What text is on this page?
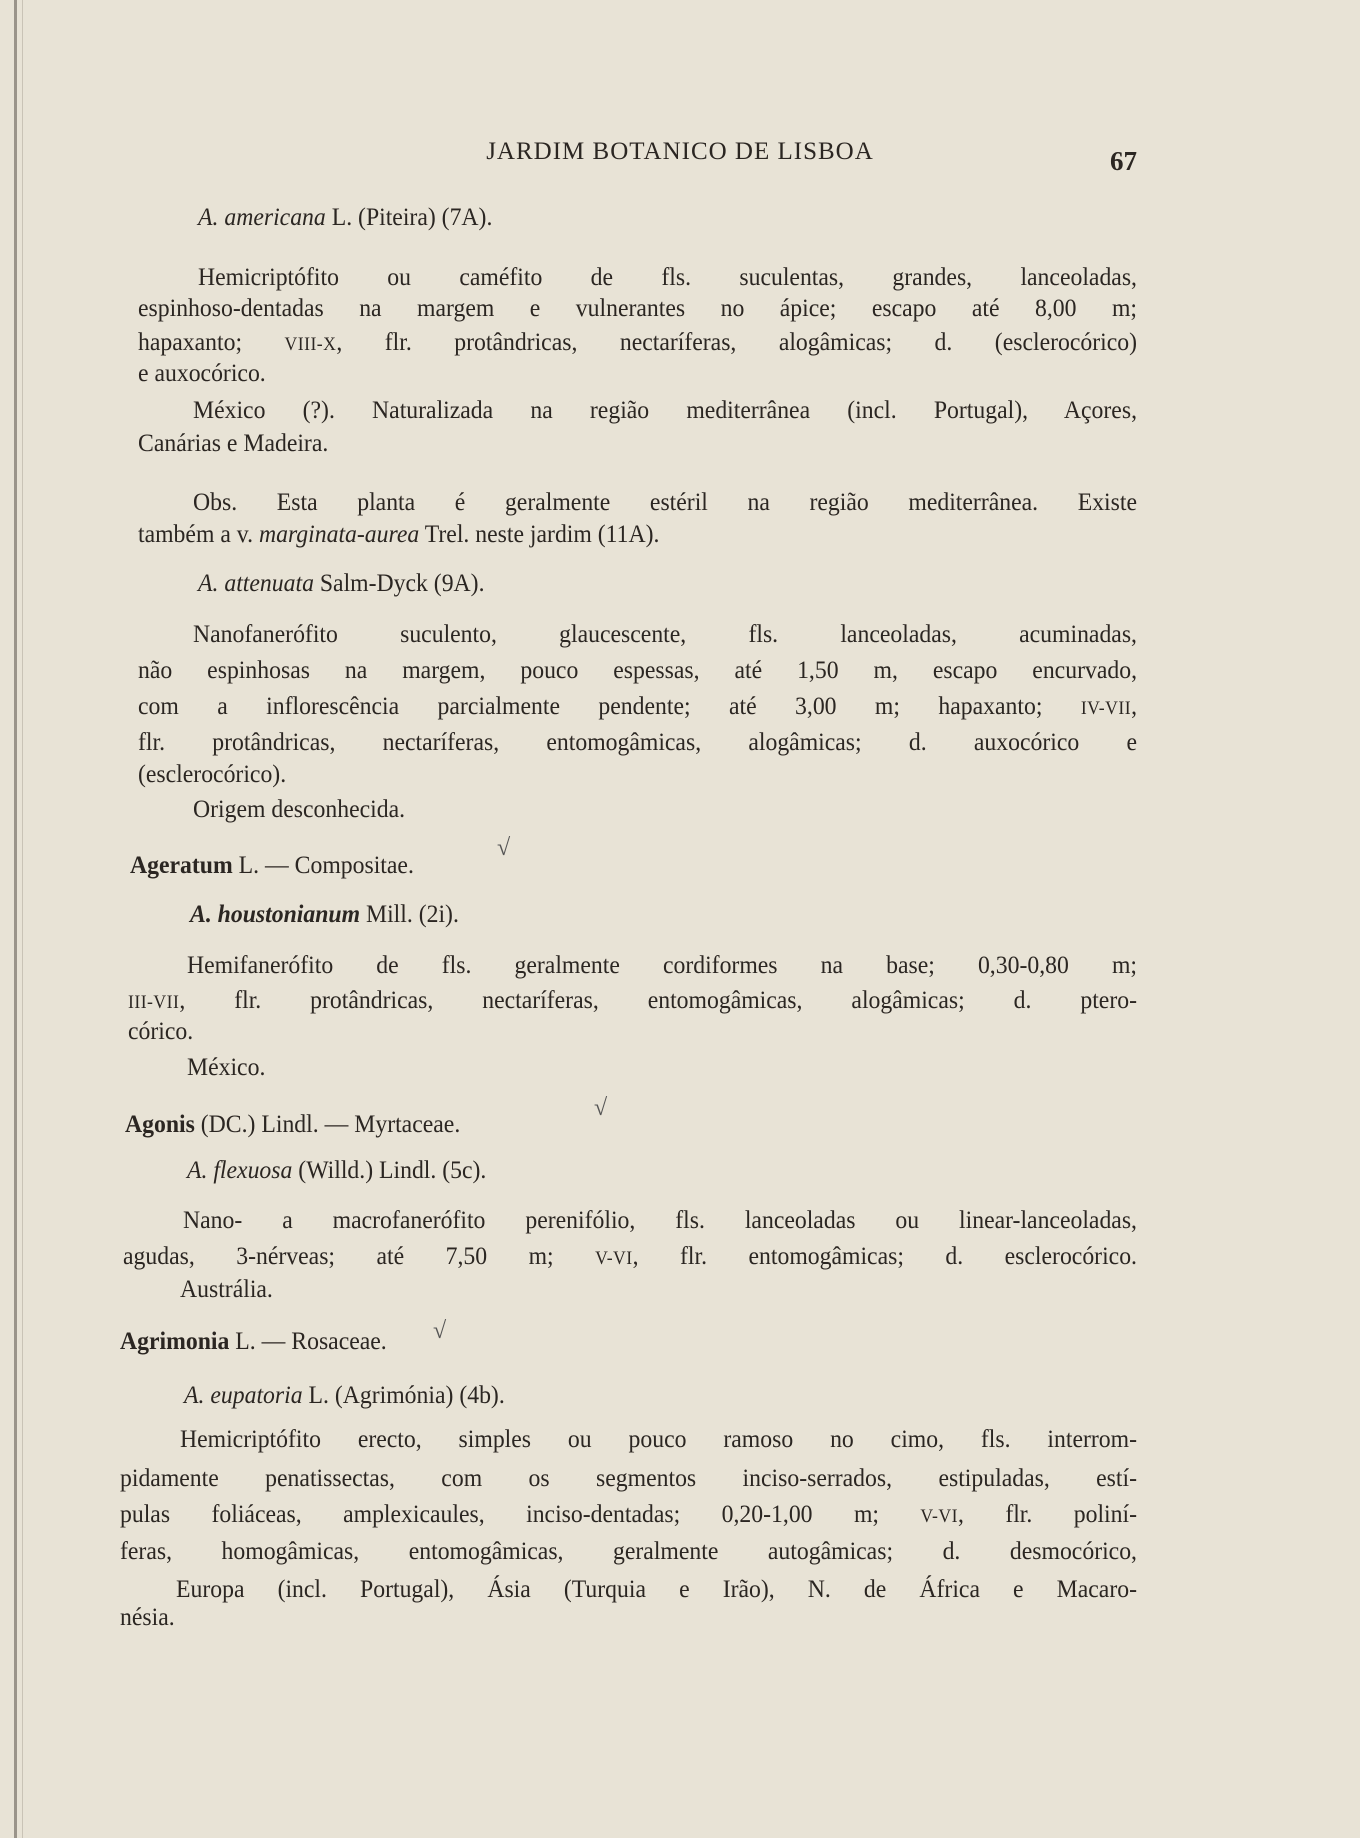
JARDIM BOTANICO DE LISBOA	67
A. americana L. (Piteira) (7A).
Hemicriptófito ou caméfito de fls. suculentas, grandes, lanceoladas,
espinhoso-dentadas na margem e vulnerantes no ápice; escapo até 8,00 m;
hapaxanto; VIII-X, flr. protândricas, nectaríferas, alogâmicas; d. (esclerocórico)
e auxocórico.
México (?). Naturalizada na região mediterrânea (incl. Portugal), Açores,
Canárias e Madeira.
Obs. Esta planta é geralmente estéril na região mediterrânea. Existe
também a v. marginata-aurea Trel. neste jardim (11A).
A. attenuata Salm-Dyck (9A).
Nanofanerófito suculento, glaucescente, fls. lanceoladas, acuminadas,
não espinhosas na margem, pouco espessas, até 1,50 m, escapo encurvado,
com a inflorescência parcialmente pendente; até 3,00 m; hapaxanto; IV-VII,
flr. protândricas, nectaríferas, entomogâmicas, alogâmicas; d. auxocórico e
(esclerocórico).
Origem desconhecida.
Ageratum L. — Compositae.
A. houstonianum Mill. (2i).
Hemifanerófito de fls. geralmente cordiformes na base; 0,30-0,80 m;
III-VII, flr. protândricas, nectaríferas, entomogâmicas, alogâmicas; d. ptero-
córico.
México.
Agonis (DC.) Lindl. — Myrtaceae.
A. flexuosa (Willd.) Lindl. (5c).
Nano- a macrofanerófito perenifólio, fls. lanceoladas ou linear-lanceoladas,
agudas, 3-nérveas; até 7,50 m; V-VI, flr. entomogâmicas; d. esclerocórico.
Austrália.
Agrimonia L. — Rosaceae.
A. eupatoria L. (Agrimónia) (4b).
Hemicriptófito erecto, simples ou pouco ramoso no cimo, fls. interrom-
pidamente penatissectas, com os segmentos inciso-serrados, estipuladas, estí-
pulas foliáceas, amplexicaules, inciso-dentadas; 0,20-1,00 m; V-VI, flr. poliní-
feras, homogâmicas, entomogâmicas, geralmente autogâmicas; d. desmocórico,
Europa (incl. Portugal), Ásia (Turquia e Irão), N. de África e Macaro-
nésia.
√
√
√
